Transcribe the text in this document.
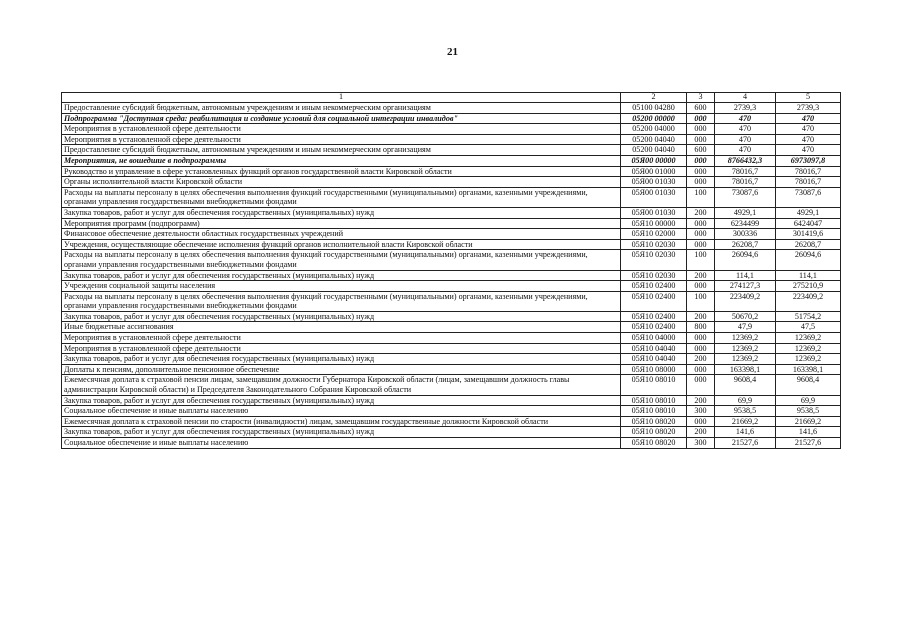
21
1	2	3	4	5
Предоставление субсидий бюджетным, автономным учреждениям и иным некоммерческим организациям	05100 04280	600	2739,3	2739,3
Подпрограмма "Доступная среда: реабилитация и создание условий для социальной интеграции инвалидов"	05200 00000	000	470	470
Мероприятия в установленной сфере деятельности	05200 04000	000	470	470
Мероприятия в установленной сфере деятельности	05200 04040	000	470	470
Предоставление субсидий бюджетным, автономным учреждениям и иным некоммерческим организациям	05200 04040	600	470	470
Мероприятия, не вошедшие в подпрограммы	05Я00 00000	000	8766432,3	6973097,8
Руководство и управление в сфере установленных функций органов государственной власти Кировской области	05Я00 01000	000	78016,7	78016,7
Органы исполнительной власти Кировской области	05Я00 01030	000	78016,7	78016,7
Расходы на выплаты персоналу в целях обеспечения выполнения функций государственными (муниципальными) органами, казенными учреждениями, органами управления государственными внебюджетными фондами	05Я00 01030	100	73087,6	73087,6
Закупка товаров, работ и услуг для обеспечения государственных (муниципальных) нужд	05Я00 01030	200	4929,1	4929,1
Мероприятия программ (подпрограмм)	05Я10 00000	000	6234499	6424047
Финансовое обеспечение деятельности областных государственных учреждений	05Я10 02000	000	300336	301419,6
Учреждения, осуществляющие обеспечение исполнения функций органов исполнительной власти Кировской области	05Я10 02030	000	26208,7	26208,7
Расходы на выплаты персоналу в целях обеспечения выполнения функций государственными (муниципальными) органами, казенными учреждениями, органами управления государственными внебюджетными фондами	05Я10 02030	100	26094,6	26094,6
Закупка товаров, работ и услуг для обеспечения государственных (муниципальных) нужд	05Я10 02030	200	114,1	114,1
Учреждения социальной защиты населения	05Я10 02400	000	274127,3	275210,9
Расходы на выплаты персоналу в целях обеспечения выполнения функций государственными (муниципальными) органами, казенными учреждениями, органами управления государственными внебюджетными фондами	05Я10 02400	100	223409,2	223409,2
Закупка товаров, работ и услуг для обеспечения государственных (муниципальных) нужд	05Я10 02400	200	50670,2	51754,2
Иные бюджетные ассигнования	05Я10 02400	800	47,9	47,5
Мероприятия в установленной сфере деятельности	05Я10 04000	000	12369,2	12369,2
Мероприятия в установленной сфере деятельности	05Я10 04040	000	12369,2	12369,2
Закупка товаров, работ и услуг для обеспечения государственных (муниципальных) нужд	05Я10 04040	200	12369,2	12369,2
Доплаты к пенсиям, дополнительное пенсионное обеспечение	05Я10 08000	000	163398,1	163398,1
Ежемесячная доплата к страховой пенсии лицам, замещавшим должности Губернатора Кировской области (лицам, замещавшим должность главы администрации Кировской области) и Председателя Законодательного Собрания Кировской области	05Я10 08010	000	9608,4	9608,4
Закупка товаров, работ и услуг для обеспечения государственных (муниципальных) нужд	05Я10 08010	200	69,9	69,9
Социальное обеспечение и иные выплаты населению	05Я10 08010	300	9538,5	9538,5
Ежемесячная доплата к страховой пенсии по старости (инвалидности) лицам, замещавшим государственные должности Кировской области	05Я10 08020	000	21669,2	21669,2
Закупка товаров, работ и услуг для обеспечения государственных (муниципальных) нужд	05Я10 08020	200	141,6	141,6
Социальное обеспечение и иные выплаты населению	05Я10 08020	300	21527,6	21527,6
